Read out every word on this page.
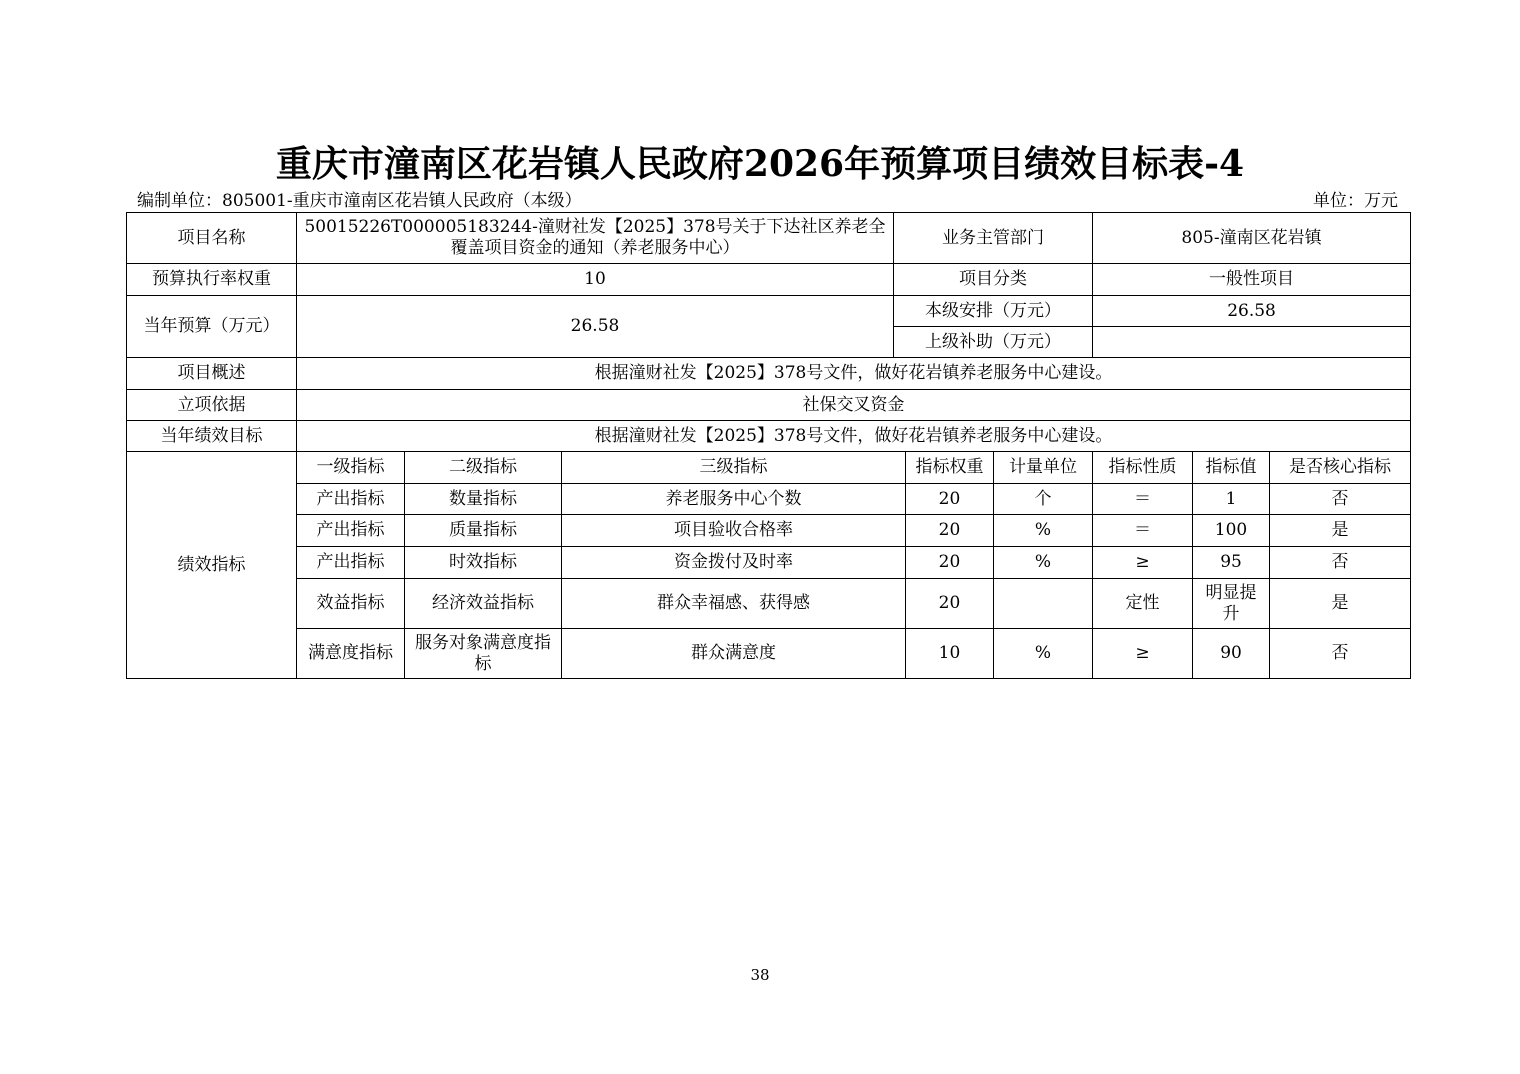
重庆市潼南区花岩镇人民政府2026年预算项目绩效目标表-4
编制单位：805001-重庆市潼南区花岩镇人民政府（本级）	单位：万元
项目名称	50015226T000005183244-潼财社发【2025】378号关于下达社区养老全覆盖项目资金的通知（养老服务中心）			业务主管部门			805-潼南区花岩镇		
预算执行率权重	10			项目分类			一般性项目		
当年预算（万元）	26.58			本级安排（万元）			26.58		
				上级补助（万元）					
项目概述	根据潼财社发【2025】378号文件，做好花岩镇养老服务中心建设。								
立项依据	社保交叉资金								
当年绩效目标	根据潼财社发【2025】378号文件，做好花岩镇养老服务中心建设。								
绩效指标	一级指标	二级指标	三级指标		指标权重	计量单位	指标性质	指标值	是否核心指标
	产出指标	数量指标	养老服务中心个数		20	个	＝	1	否
	产出指标	质量指标	项目验收合格率		20	%	＝	100	是
	产出指标	时效指标	资金拨付及时率		20	%	≥	95	否
	效益指标	经济效益指标	群众幸福感、获得感		20		定性	明显提升	是
	满意度指标	服务对象满意度指标	群众满意度		10	%	≥	90	否
38
